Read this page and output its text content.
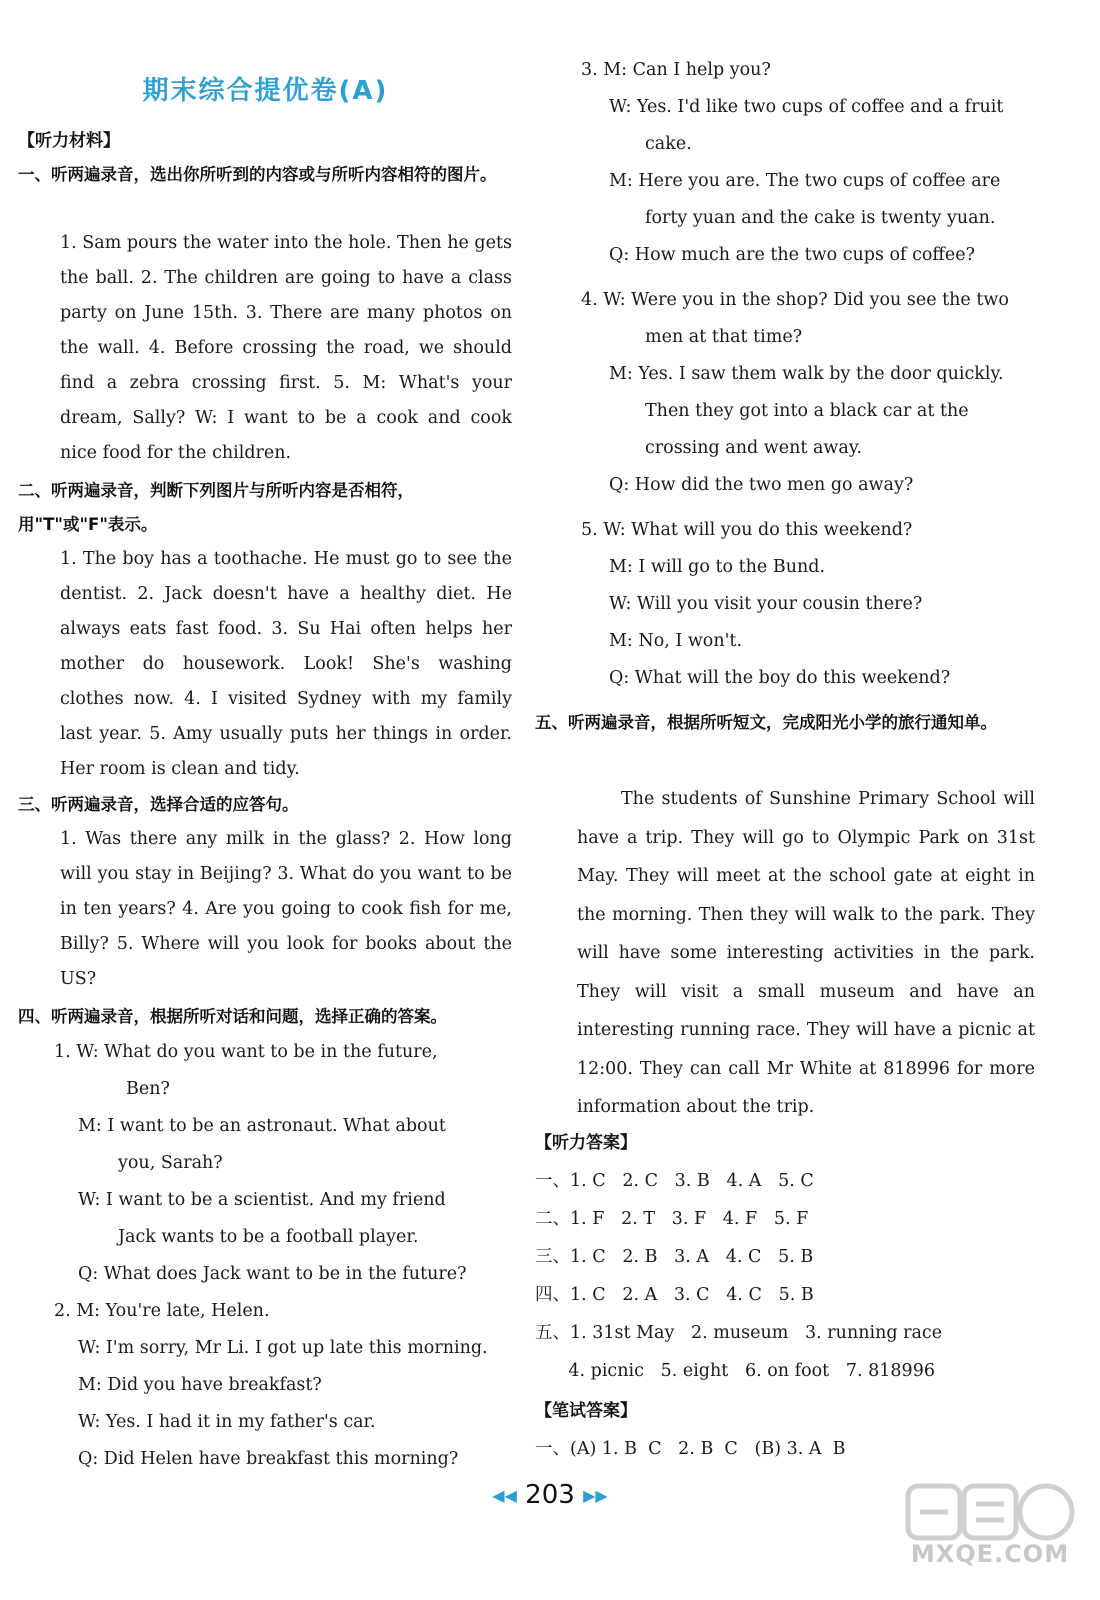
期末综合提优卷(A)
【听力材料】
一、听两遍录音，选出你所听到的内容或与所听内容相符的图片。
1. Sam pours the water into the hole. Then he gets the ball. 2. The children are going to have a class party on June 15th. 3. There are many photos on the wall. 4. Before crossing the road, we should find a zebra crossing first. 5. M: What's your dream, Sally? W: I want to be a cook and cook nice food for the children.
二、听两遍录音，判断下列图片与所听内容是否相符，用"T"或"F"表示。
1. The boy has a toothache. He must go to see the dentist. 2. Jack doesn't have a healthy diet. He always eats fast food. 3. Su Hai often helps her mother do housework. Look! She's washing clothes now. 4. I visited Sydney with my family last year. 5. Amy usually puts her things in order. Her room is clean and tidy.
三、听两遍录音，选择合适的应答句。
1. Was there any milk in the glass? 2. How long will you stay in Beijing? 3. What do you want to be in ten years? 4. Are you going to cook fish for me, Billy? 5. Where will you look for books about the US?
四、听两遍录音，根据所听对话和问题，选择正确的答案。
1. W: What do you want to be in the future,
Ben?
M: I want to be an astronaut. What about
you, Sarah?
W: I want to be a scientist. And my friend
Jack wants to be a football player.
Q: What does Jack want to be in the future?
2. M: You're late, Helen.
W: I'm sorry, Mr Li. I got up late this morning.
M: Did you have breakfast?
W: Yes. I had it in my father's car.
Q: Did Helen have breakfast this morning?
3. M: Can I help you?
W: Yes. I'd like two cups of coffee and a fruit
cake.
M: Here you are. The two cups of coffee are
forty yuan and the cake is twenty yuan.
Q: How much are the two cups of coffee?
4. W: Were you in the shop? Did you see the two
men at that time?
M: Yes. I saw them walk by the door quickly.
Then they got into a black car at the
crossing and went away.
Q: How did the two men go away?
5. W: What will you do this weekend?
M: I will go to the Bund.
W: Will you visit your cousin there?
M: No, I won't.
Q: What will the boy do this weekend?
五、听两遍录音，根据所听短文，完成阳光小学的旅行通知单。
The students of Sunshine Primary School will have a trip. They will go to Olympic Park on 31st May. They will meet at the school gate at eight in the morning. Then they will walk to the park. They will have some interesting activities in the park. They will visit a small museum and have an interesting running race. They will have a picnic at 12:00. They can call Mr White at 818996 for more information about the trip.
【听力答案】
一、1. C   2. C   3. B   4. A   5. C
二、1. F   2. T   3. F   4. F   5. F
三、1. C   2. B   3. A   4. C   5. B
四、1. C   2. A   3. C   4. C   5. B
五、1. 31st May   2. museum   3. running race
4. picnic   5. eight   6. on foot   7. 818996
【笔试答案】
一、(A) 1. B  C   2. B  C   (B) 3. A  B
◀◀ 203 ▶▶
MXQE.COM
